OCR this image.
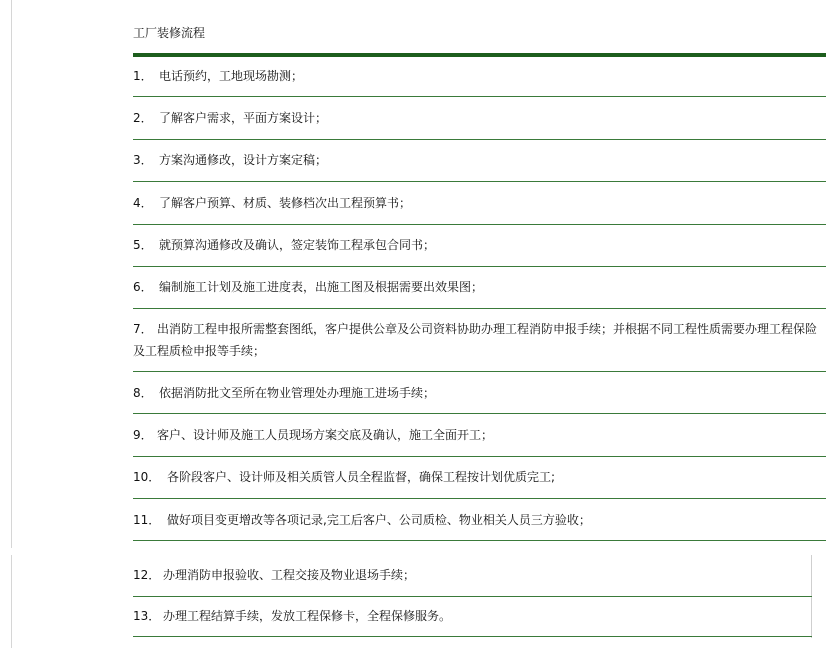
工厂装修流程
1． 电话预约，工地现场勘测；
2． 了解客户需求，平面方案设计；
3． 方案沟通修改，设计方案定稿；
4． 了解客户预算、材质、装修档次出工程预算书；
5． 就预算沟通修改及确认，签定装饰工程承包合同书；
6． 编制施工计划及施工进度表，出施工图及根据需要出效果图；
7． 出消防工程申报所需整套图纸，客户提供公章及公司资料协助办理工程消防申报手续；并根据不同工程性质需要办理工程保险
及工程质检申报等手续；
8． 依据消防批文至所在物业管理处办理施工进场手续；
9． 客户、设计师及施工人员现场方案交底及确认，施工全面开工；
10． 各阶段客户、设计师及相关质管人员全程监督，确保工程按计划优质完工;
11． 做好项目变更增改等各项记录,完工后客户、公司质检、物业相关人员三方验收；
12． 办理消防申报验收、工程交接及物业退场手续；
13． 办理工程结算手续，发放工程保修卡，全程保修服务。
